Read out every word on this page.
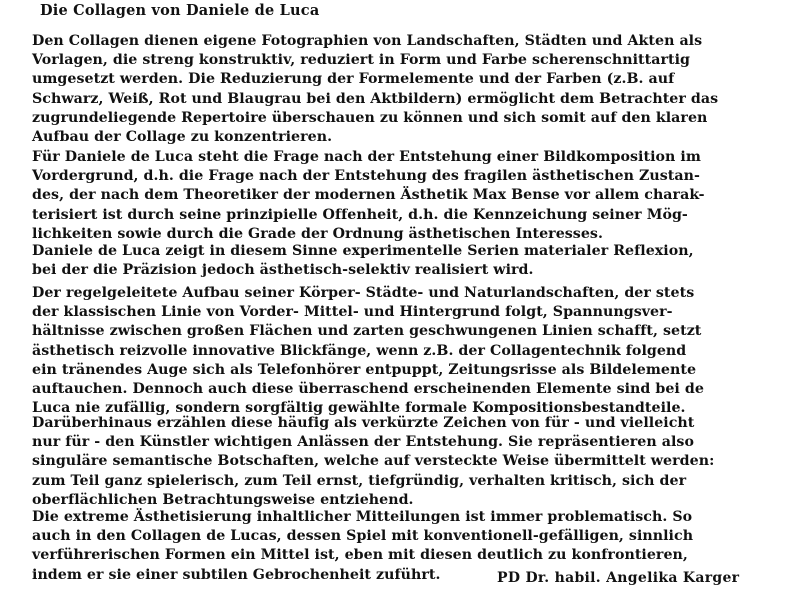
Die Collagen von Daniele de Luca
Den Collagen dienen eigene Fotographien von Landschaften, Städten und Akten als
Vorlagen, die streng konstruktiv, reduziert in Form und Farbe scherenschnittartig
umgesetzt werden. Die Reduzierung der Formelemente und der Farben (z.B. auf
Schwarz, Weiß, Rot und Blaugrau bei den Aktbildern) ermöglicht dem Betrachter das
zugrundeliegende Repertoire überschauen zu können und sich somit auf den klaren
Aufbau der Collage zu konzentrieren.
Für Daniele de Luca steht die Frage nach der Entstehung einer Bildkomposition im
Vordergrund, d.h. die Frage nach der Entstehung des fragilen ästhetischen Zustan-
des, der nach dem Theoretiker der modernen Ästhetik Max Bense vor allem charak-
terisiert ist durch seine prinzipielle Offenheit, d.h. die Kennzeichung seiner Mög-
lichkeiten sowie durch die Grade der Ordnung ästhetischen Interesses.
Daniele de Luca zeigt in diesem Sinne experimentelle Serien materialer Reflexion,
bei der die Präzision jedoch ästhetisch-selektiv realisiert wird.
Der regelgeleitete Aufbau seiner Körper- Städte- und Naturlandschaften, der stets
der klassischen Linie von Vorder- Mittel- und Hintergrund folgt, Spannungsver-
hältnisse zwischen großen Flächen und zarten geschwungenen Linien schafft, setzt
ästhetisch reizvolle innovative Blickfänge, wenn z.B. der Collagentechnik folgend
ein tränendes Auge sich als Telefonhörer entpuppt, Zeitungsrisse als Bildelemente
auftauchen. Dennoch auch diese überraschend erscheinenden Elemente sind bei de
Luca nie zufällig, sondern sorgfältig gewählte formale Kompositionsbestandteile.
Darüberhinaus erzählen diese häufig als verkürzte Zeichen von für - und vielleicht
nur für - den Künstler wichtigen Anlässen der Entstehung. Sie repräsentieren also
singuläre semantische Botschaften, welche auf versteckte Weise übermittelt werden:
zum Teil ganz spielerisch, zum Teil ernst, tiefgründig, verhalten kritisch, sich der
oberflächlichen Betrachtungsweise entziehend.
Die extreme Ästhetisierung inhaltlicher Mitteilungen ist immer problematisch. So
auch in den Collagen de Lucas, dessen Spiel mit konventionell-gefälligen, sinnlich
verführerischen Formen ein Mittel ist, eben mit diesen deutlich zu konfrontieren,
indem er sie einer subtilen Gebrochenheit zuführt.	PD Dr. habil. Angelika Karger
